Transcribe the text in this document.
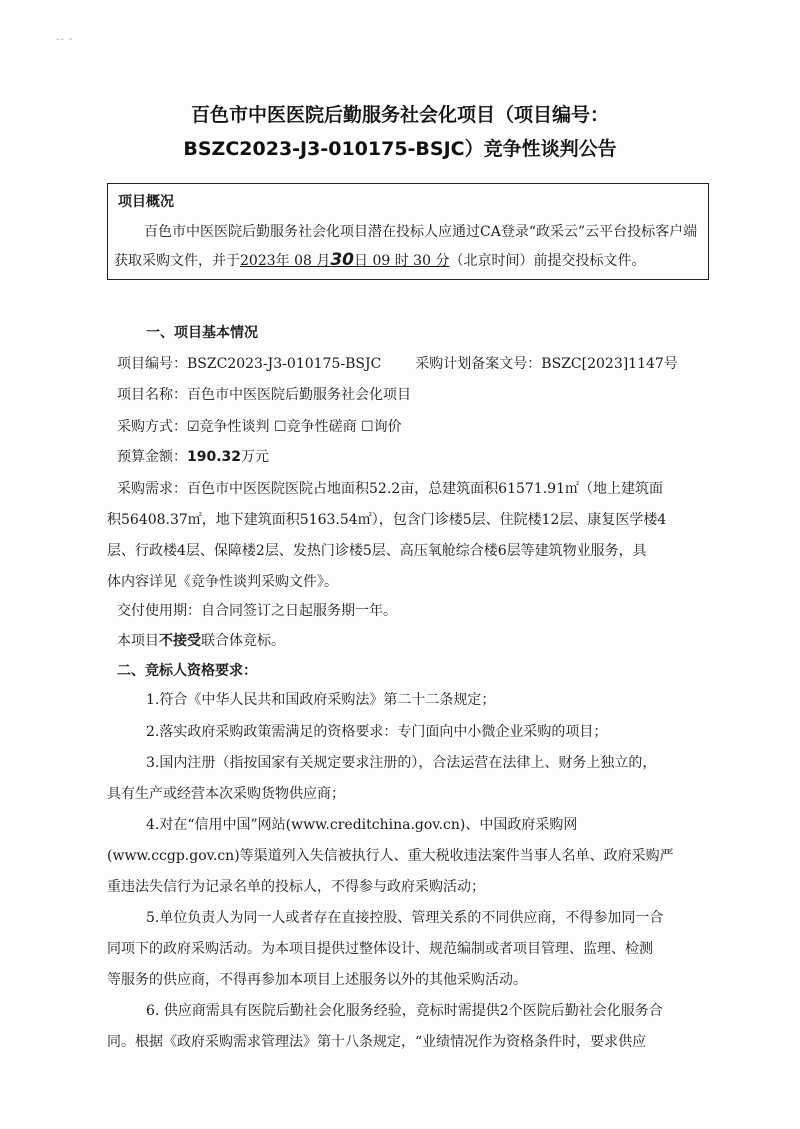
-- -
百色市中医医院后勤服务社会化项目（项目编号：
BSZC2023-J3-010175-BSJC）竞争性谈判公告
项目概况
百色市中医医院后勤服务社会化项目潜在投标人应通过CA登录“政采云”云平台投标客户端获取采购文件，并于2023年 08 月30日 09 时 30 分（北京时间）前提交投标文件。
一、项目基本情况
项目编号：BSZC2023-J3-010175-BSJC 采购计划备案文号：BSZC[2023]1147号
项目名称：百色市中医医院后勤服务社会化项目
采购方式：☑竞争性谈判 ☐竞争性磋商 ☐询价
预算金额：190.32万元
采购需求：百色市中医医院医院占地面积52.2亩，总建筑面积61571.91㎡（地上建筑面
积56408.37㎡，地下建筑面积5163.54㎡），包含门诊楼5层、住院楼12层、康复医学楼4
层、行政楼4层、保障楼2层、发热门诊楼5层、高压氧舱综合楼6层等建筑物业服务，具
体内容详见《竞争性谈判采购文件》。
交付使用期：自合同签订之日起服务期一年。
本项目不接受联合体竞标。
二、竞标人资格要求：
1.符合《中华人民共和国政府采购法》第二十二条规定；
2.落实政府采购政策需满足的资格要求：专门面向中小微企业采购的项目；
3.国内注册（指按国家有关规定要求注册的），合法运营在法律上、财务上独立的，
具有生产或经营本次采购货物供应商；
4.对在“信用中国”网站(www.creditchina.gov.cn)、中国政府采购网
(www.ccgp.gov.cn)等渠道列入失信被执行人、重大税收违法案件当事人名单、政府采购严
重违法失信行为记录名单的投标人，不得参与政府采购活动；
5.单位负责人为同一人或者存在直接控股、管理关系的不同供应商，不得参加同一合
同项下的政府采购活动。为本项目提供过整体设计、规范编制或者项目管理、监理、检测
等服务的供应商，不得再参加本项目上述服务以外的其他采购活动。
6. 供应商需具有医院后勤社会化服务经验，竞标时需提供2个医院后勤社会化服务合
同。根据《政府采购需求管理法》第十八条规定，“业绩情况作为资格条件时，要求供应
